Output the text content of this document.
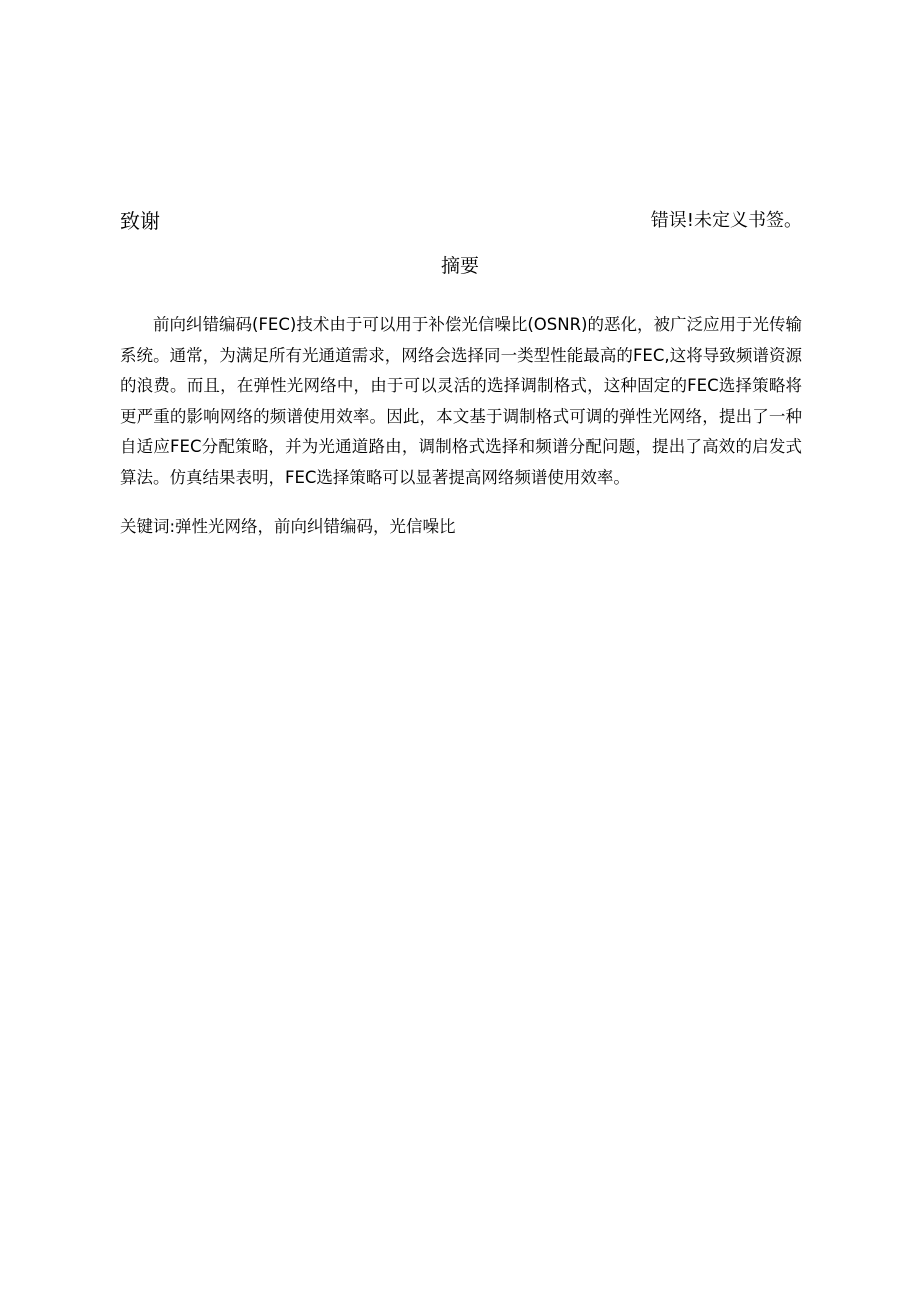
致谢	错误!未定义书签。
摘要

前向纠错编码(FEC)技术由于可以用于补偿光信噪比(OSNR)的恶化，被广泛应用于光传输系统。通常，为满足所有光通道需求，网络会选择同一类型性能最高的FEC,这将导致频谱资源的浪费。而且，在弹性光网络中，由于可以灵活的选择调制格式，这种固定的FEC选择策略将更严重的影响网络的频谱使用效率。因此，本文基于调制格式可调的弹性光网络，提出了一种自适应FEC分配策略，并为光通道路由，调制格式选择和频谱分配问题，提出了高效的启发式算法。仿真结果表明，FEC选择策略可以显著提高网络频谱使用效率。

关键词:弹性光网络，前向纠错编码，光信噪比
